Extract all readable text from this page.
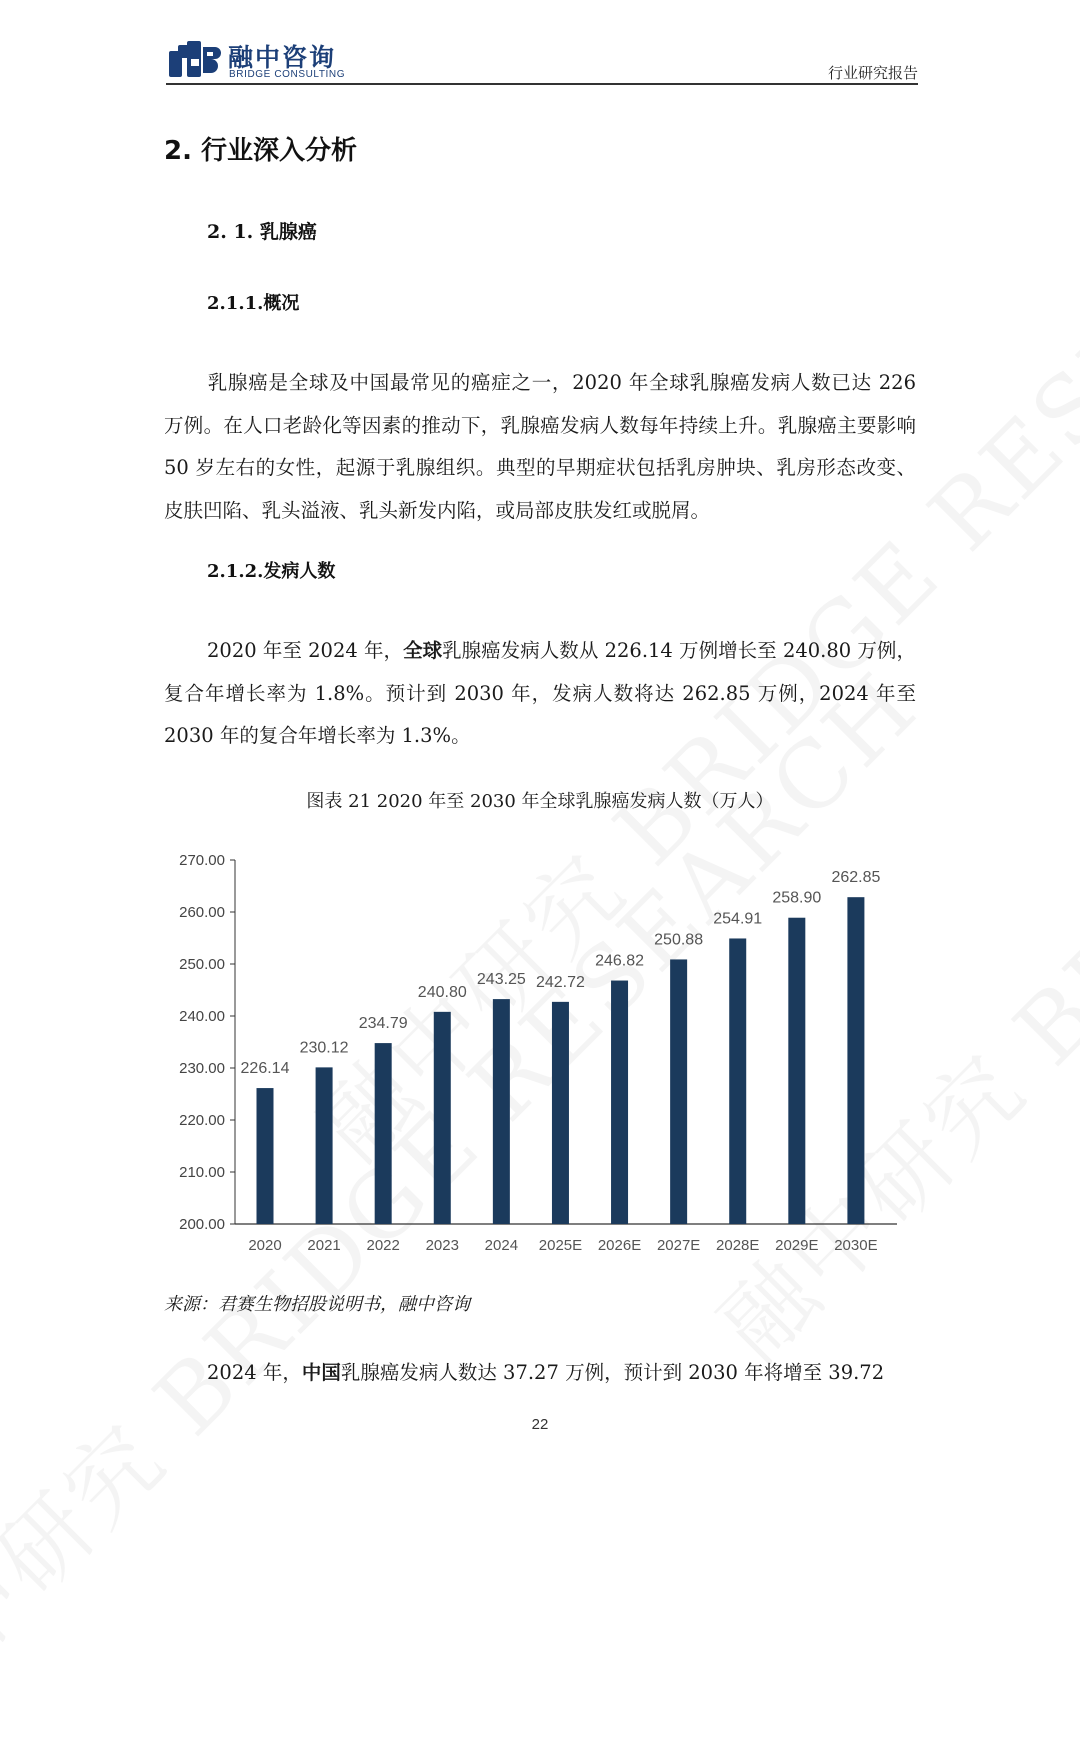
融中咨询
BRIDGE CONSULTING	行业研究报告
2. 行业深入分析
2. 1. 乳腺癌
2.1.1.概况
乳腺癌是全球及中国最常见的癌症之一，2020 年全球乳腺癌发病人数已达 226 万例。在人口老龄化等因素的推动下，乳腺癌发病人数每年持续上升。乳腺癌主要影响 50 岁左右的女性，起源于乳腺组织。典型的早期症状包括乳房肿块、乳房形态改变、皮肤凹陷、乳头溢液、乳头新发内陷，或局部皮肤发红或脱屑。
2.1.2.发病人数
2020 年至 2024 年，全球乳腺癌发病人数从 226.14 万例增长至 240.80 万例，复合年增长率为 1.8%。预计到 2030 年，发病人数将达 262.85 万例，2024 年至 2030 年的复合年增长率为 1.3%。
图表 21 2020 年至 2030 年全球乳腺癌发病人数（万人）
200.00
210.00
220.00
230.00
240.00
250.00
260.00
270.00
226.14
2020
230.12
2021
234.79
2022
240.80
2023
243.25
2024
242.72
2025E
246.82
2026E
250.88
2027E
254.91
2028E
258.90
2029E
262.85
2030E
来源：君赛生物招股说明书，融中咨询
2024 年，中国乳腺癌发病人数达 37.27 万例，预计到 2030 年将增至 39.72
22
